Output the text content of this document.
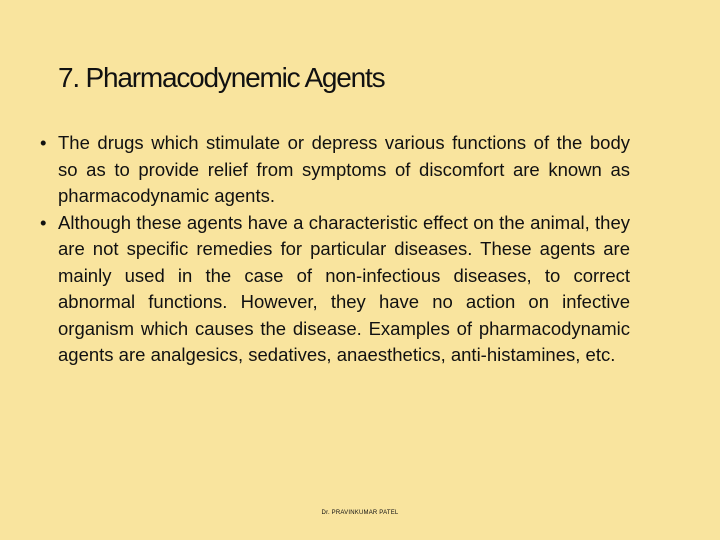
7. Pharmacodynemic Agents
• The drugs which stimulate or depress various functions of the body so as to provide relief from symptoms of discomfort are known as pharmacodynamic agents.
• Although these agents have a characteristic effect on the animal, they are not specific remedies for particular diseases. These agents are mainly used in the case of non-infectious diseases, to correct abnormal functions. However, they have no action on infective organism which causes the disease. Examples of pharmacodynamic agents are analgesics, sedatives, anaesthetics, anti-histamines, etc.
Dr. PRAVINKUMAR PATEL
